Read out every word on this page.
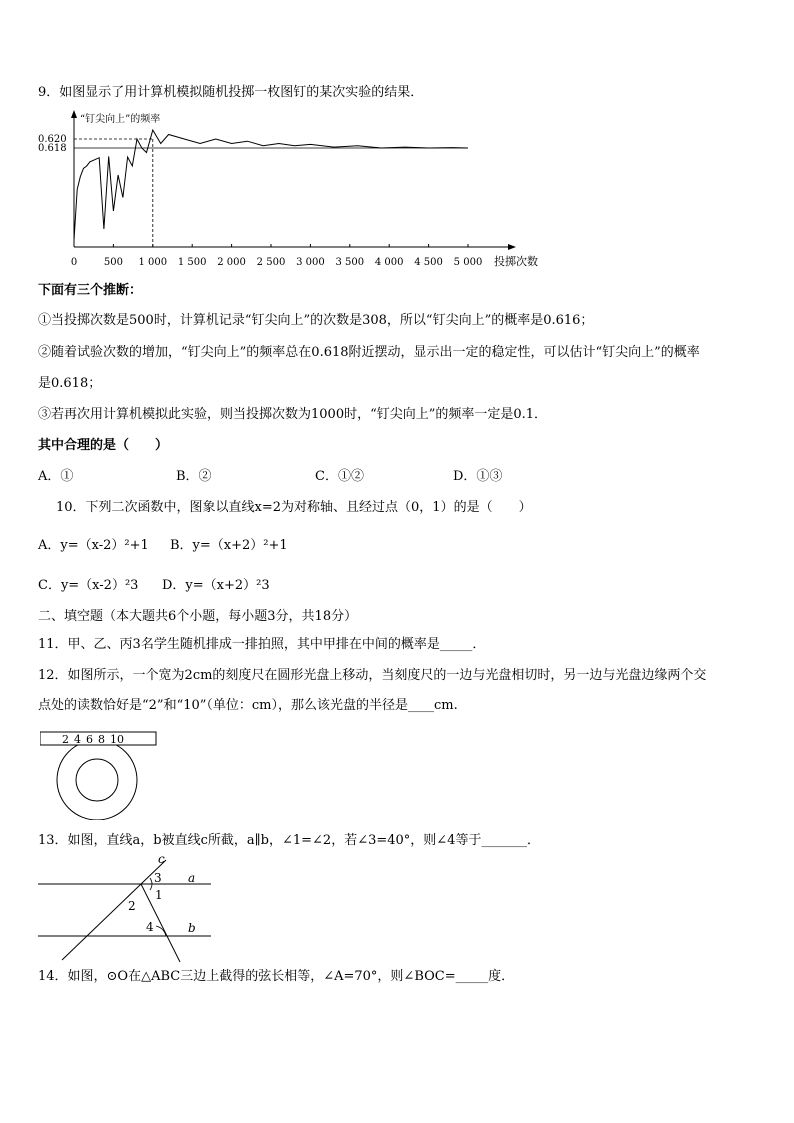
9．如图显示了用计算机模拟随机投掷一枚图钉的某次实验的结果．
“钉尖向上”的频率
投掷次数
0.620
0.618
0	500 1 000 1 500 2 000 2 500 3 000 3 500 4 000 4 500 5 000
下面有三个推断：
①当投掷次数是500时，计算机记录“钉尖向上”的次数是308，所以“钉尖向上”的概率是0.616；
②随着试验次数的增加，“钉尖向上”的频率总在0.618附近摆动，显示出一定的稳定性，可以估计“钉尖向上”的概率
是0.618；
③若再次用计算机模拟此实验，则当投掷次数为1000时，“钉尖向上”的频率一定是0.1．
其中合理的是（　　）
A．①	B．②	C．①②	D．①③
10．下列二次函数中，图象以直线x=2为对称轴、且经过点（0，1）的是（　　）
A．y=（x-2）²+1 B．y=（x+2）²+1
C．y=（x-2）²3 D．y=（x+2）²3
二、填空题（本大题共6个小题，每小题3分，共18分）
11．甲、乙、丙3名学生随机排成一排拍照，其中甲排在中间的概率是_____．
12．如图所示，一个宽为2cm的刻度尺在圆形光盘上移动，当刻度尺的一边与光盘相切时，另一边与光盘边缘两个交
点处的读数恰好是“2”和“10”（单位：cm），那么该光盘的半径是____cm.
2 4 6 8 10
13．如图，直线a，b被直线c所截，a∥b，∠1=∠2，若∠3=40°，则∠4等于_______．
c
a
b
3
1
2
4
14．如图，⊙O在△ABC三边上截得的弦长相等，∠A=70°，则∠BOC=_____度．
